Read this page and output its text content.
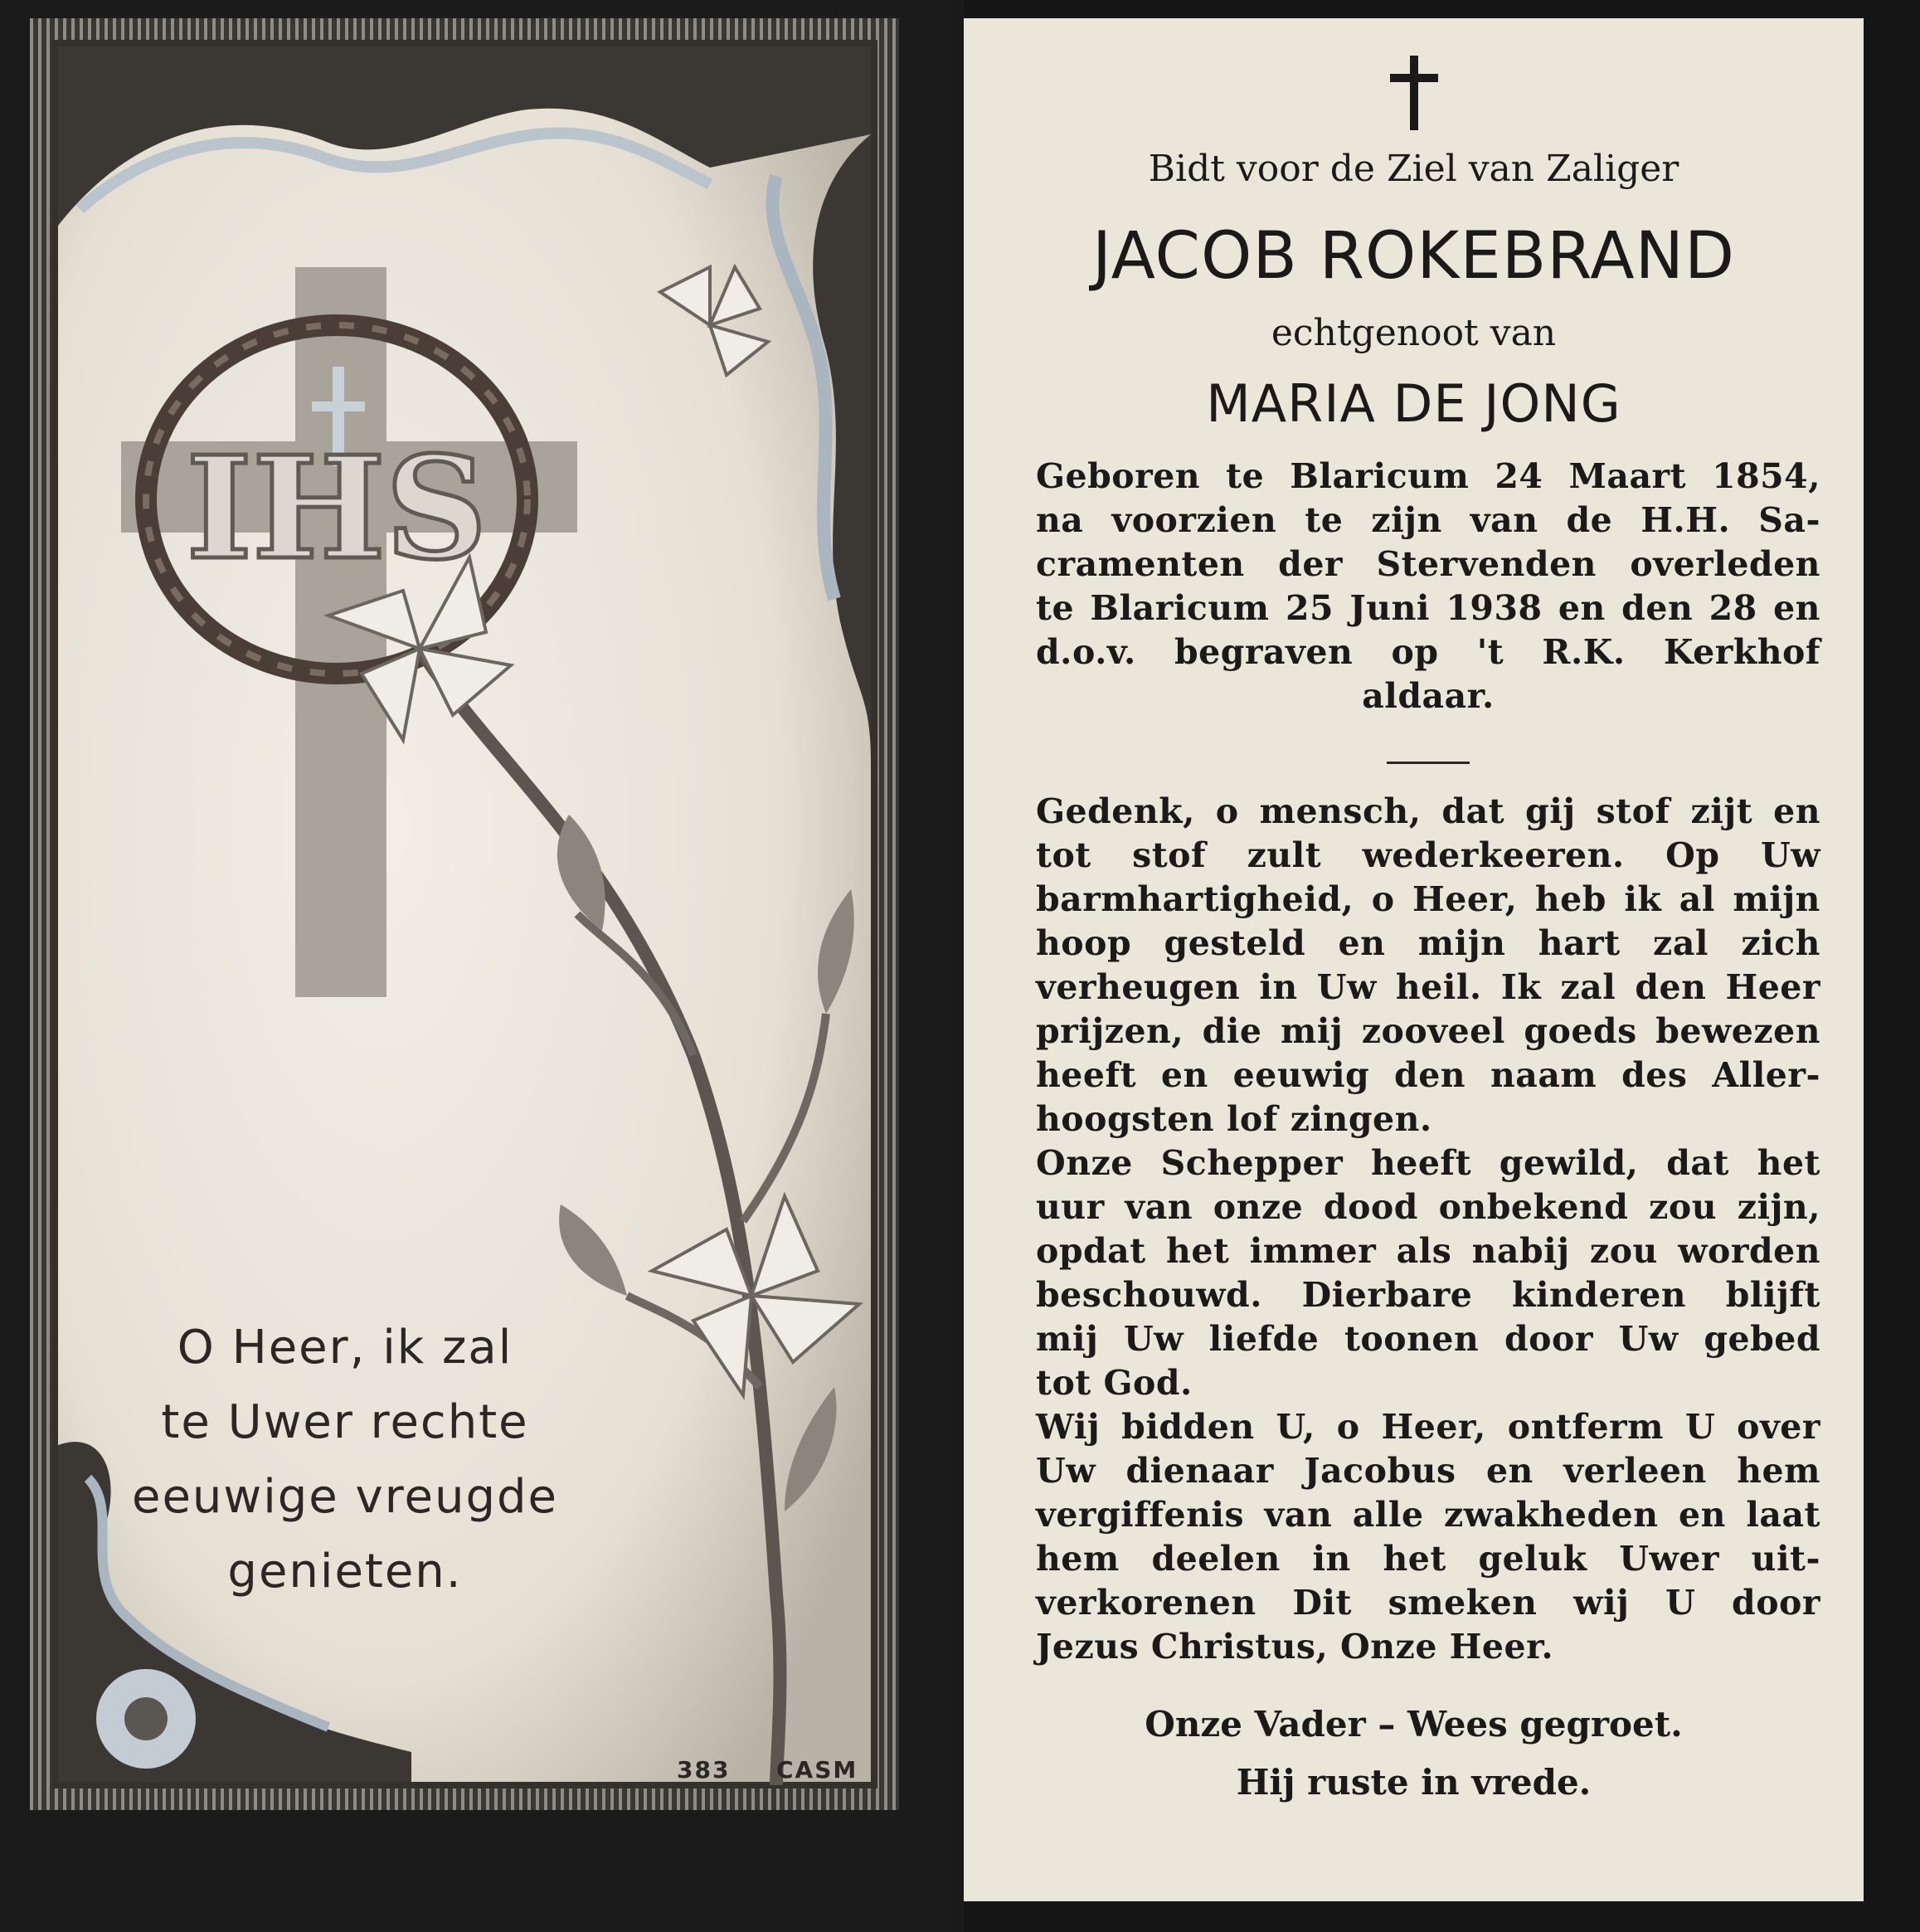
IHS
O Heer, ik zal
te Uwer rechte
eeuwige vreugde
genieten.
383 CASM
Bidt voor de Ziel van Zaliger
JACOB ROKEBRAND
echtgenoot van
MARIA DE JONG
Geboren te Blaricum 24 Maart 1854,
na voorzien te zijn van de H.H. Sa-
cramenten der Stervenden overleden
te Blaricum 25 Juni 1938 en den 28 en
d.o.v. begraven op 't R.K. Kerkhof
aldaar.
Gedenk, o mensch, dat gij stof zijt en
tot stof zult wederkeeren. Op Uw
barmhartigheid, o Heer, heb ik al mijn
hoop gesteld en mijn hart zal zich
verheugen in Uw heil. Ik zal den Heer
prijzen, die mij zooveel goeds bewezen
heeft en eeuwig den naam des Aller-
hoogsten lof zingen.
Onze Schepper heeft gewild, dat het
uur van onze dood onbekend zou zijn,
opdat het immer als nabij zou worden
beschouwd. Dierbare kinderen blijft
mij Uw liefde toonen door Uw gebed
tot God.
Wij bidden U, o Heer, ontferm U over
Uw dienaar Jacobus en verleen hem
vergiffenis van alle zwakheden en laat
hem deelen in het geluk Uwer uit-
verkorenen Dit smeken wij U door
Jezus Christus, Onze Heer.
Onze Vader – Wees gegroet.
Hij ruste in vrede.
